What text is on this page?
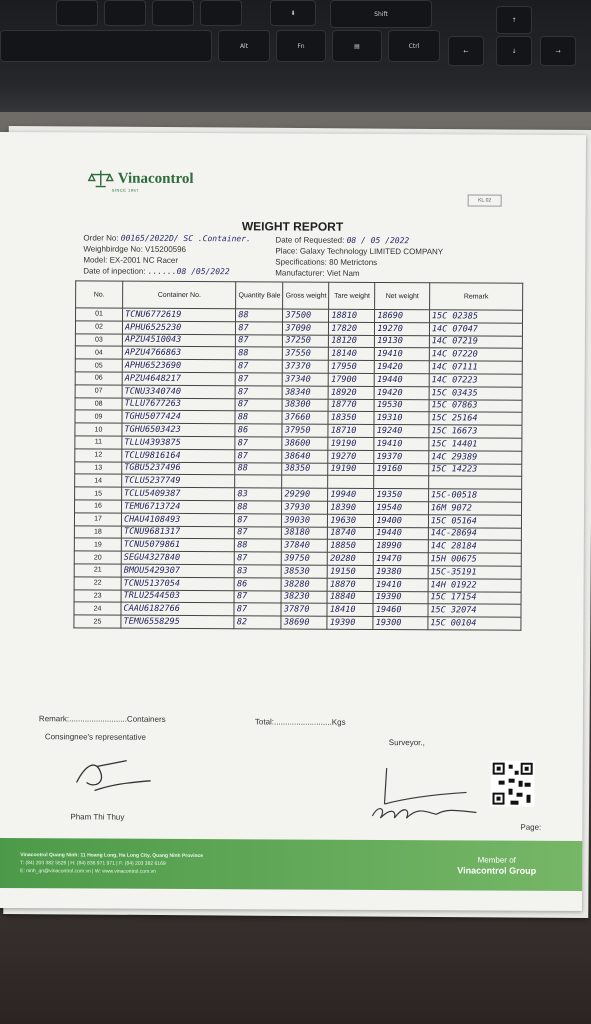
⬇	Shift
↑
Alt	Fn	▤	Ctrl
←	↓	→
Vinacontrol
SINCE 1957
KL.02
WEIGHT REPORT
Order No: 00165/2022D/ SC .Container.
Weighbirdge No: V15200596
Model: EX-2001 NC Racer
Date of inpection: ......08 /05/2022
Date of Requested: 08 / 05 /2022
Place: Galaxy Technology LIMITED COMPANY
Specifications: 80 Metrictons
Manufacturer: Viet Nam
No.	Container No.	Quantity Bale	Gross weight	Tare weight	Net weight	Remark
01	TCNU6772619	88	37500	18810	18690	15C 02385
02	APHU6525230	87	37090	17820	19270	14C 07047
03	APZU4510043	87	37250	18120	19130	14C 07219
04	APZU4766863	88	37550	18140	19410	14C 07220
05	APHU6523690	87	37370	17950	19420	14C 07111
06	APZU4648217	87	37340	17900	19440	14C 07223
07	TCNU3340740	87	38340	18920	19420	15C 03435
08	TLLU7677263	87	38300	18770	19530	15C 07863
09	TGHU5077424	88	37660	18350	19310	15C 25164
10	TGHU6503423	86	37950	18710	19240	15C 16673
11	TLLU4393875	87	38600	19190	19410	15C 14401
12	TCLU9816164	87	38640	19270	19370	14C 29389
13	TGBU5237496	88	38350	19190	19160	15C 14223
14	TCLU5237749					
15	TCLU5409387	83	29290	19940	19350	15C-00518
16	TEMU6713724	88	37930	18390	19540	16M 9072
17	CHAU4108493	87	39030	19630	19400	15C 05164
18	TCNU9681317	87	38180	18740	19440	14C-28694
19	TCNU5079861	88	37840	18850	18990	14C 28184
20	SEGU4327840	87	39750	20280	19470	15H 00675
21	BMOU5429307	83	38530	19150	19380	15C-35191
22	TCNU5137054	86	38280	18870	19410	14H 01922
23	TRLU2544503	87	38230	18840	19390	15C 17154
24	CAAU6182766	87	37870	18410	19460	15C 32074
25	TEMU6558295	82	38690	19390	19300	15C 00104
Remark:..........................Containers	Total:..........................Kgs
Consingnee's representative
Surveyor.,
Pham Thi Thuy
Page:
Vinacontrol Quang Ninh: 11 Hoang Long, Ha Long City, Quang Ninh Province
T: (84) 203 382 5526 | H: (84) 836 971 971 | F: (84) 203 382 6169
E: ninh_qn@vinacontrol.com.vn | W: www.vinacontrol.com.vn
Member of
Vinacontrol Group
